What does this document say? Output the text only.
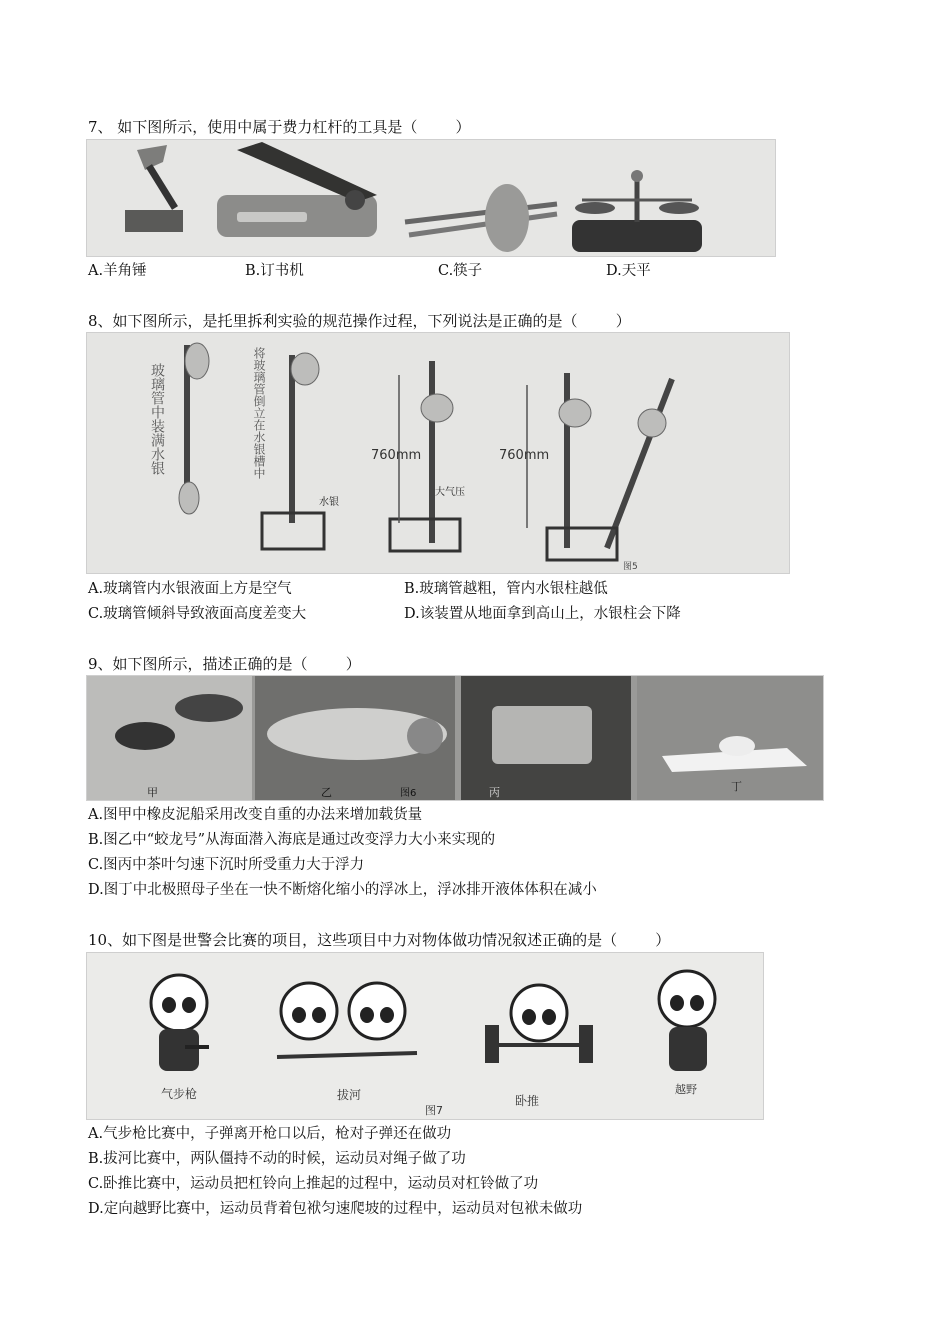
7、 如下图所示，使用中属于费力杠杆的工具是（        ）
A.羊角锤	B.订书机	C.筷子	D.天平
8、如下图所示，是托里拆利实验的规范操作过程，下列说法是正确的是（        ）
玻璃管中装满水银	将玻璃管倒立在水银槽中
水银
760mm
大气压
760mm
图5
A.玻璃管内水银液面上方是空气	B.玻璃管越粗，管内水银柱越低
C.玻璃管倾斜导致液面高度差变大	D.该装置从地面拿到高山上，水银柱会下降
9、如下图所示，描述正确的是（        ）
甲	乙	图6	丙	丁
A.图甲中橡皮泥船采用改变自重的办法来增加载货量
B.图乙中“蛟龙号”从海面潜入海底是通过改变浮力大小来实现的
C.图丙中茶叶匀速下沉时所受重力大于浮力
D.图丁中北极照母子坐在一快不断熔化缩小的浮冰上，浮冰排开液体体积在减小
10、如下图是世警会比赛的项目，这些项目中力对物体做功情况叙述正确的是（        ）
气步枪	拔河
图7
卧推
越野
A.气步枪比赛中，子弹离开枪口以后，枪对子弹还在做功
B.拔河比赛中，两队僵持不动的时候，运动员对绳子做了功
C.卧推比赛中，运动员把杠铃向上推起的过程中，运动员对杠铃做了功
D.定向越野比赛中，运动员背着包袱匀速爬坡的过程中，运动员对包袱未做功
